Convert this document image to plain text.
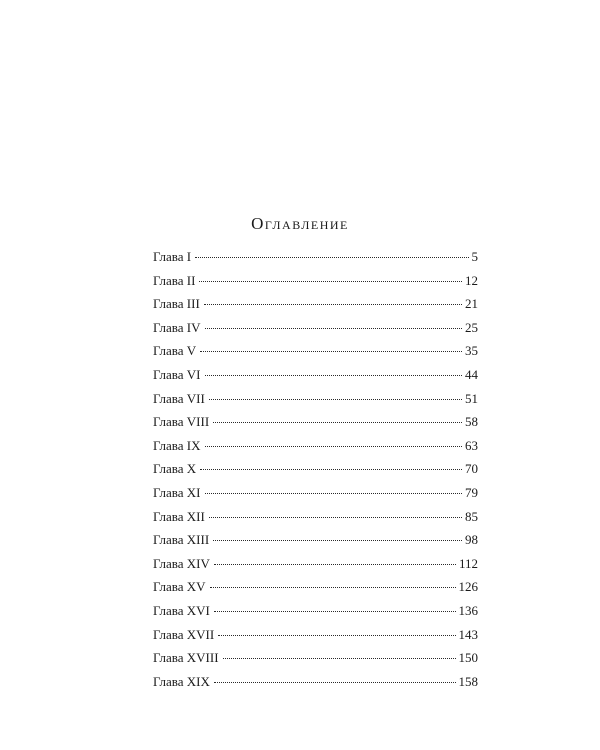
Оглавление
Глава I	5
Глава II	12
Глава III	21
Глава IV	25
Глава V	35
Глава VI	44
Глава VII	51
Глава VIII	58
Глава IX	63
Глава X	70
Глава XI	79
Глава XII	85
Глава XIII	98
Глава XIV	112
Глава XV	126
Глава XVI	136
Глава XVII	143
Глава XVIII	150
Глава XIX	158
